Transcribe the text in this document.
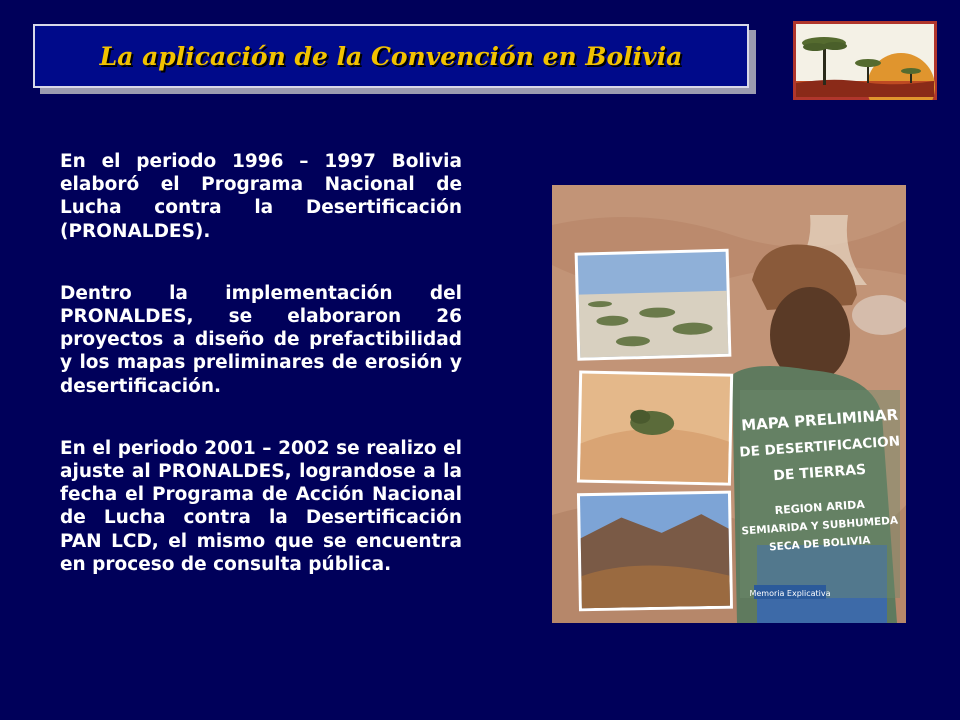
La aplicación de la Convención en Bolivia

En el periodo 1996 – 1997 Bolivia elaboró el Programa Nacional de Lucha contra la Desertificación (PRONALDES).

Dentro la implementación del PRONALDES, se elaboraron 26 proyectos a diseño de prefactibilidad y los mapas preliminares de erosión y desertificación.

En el periodo 2001 – 2002 se realizo el ajuste al PRONALDES, lograndose a la fecha el Programa de Acción Nacional de Lucha contra la Desertificación PAN LCD, el mismo que se encuentra en proceso de consulta pública.

MAPA PRELIMINAR
DE DESERTIFICACION
DE TIERRAS
REGION ARIDA
SEMIARIDA Y SUBHUMEDA
SECA DE BOLIVIA
Memoria Explicativa
